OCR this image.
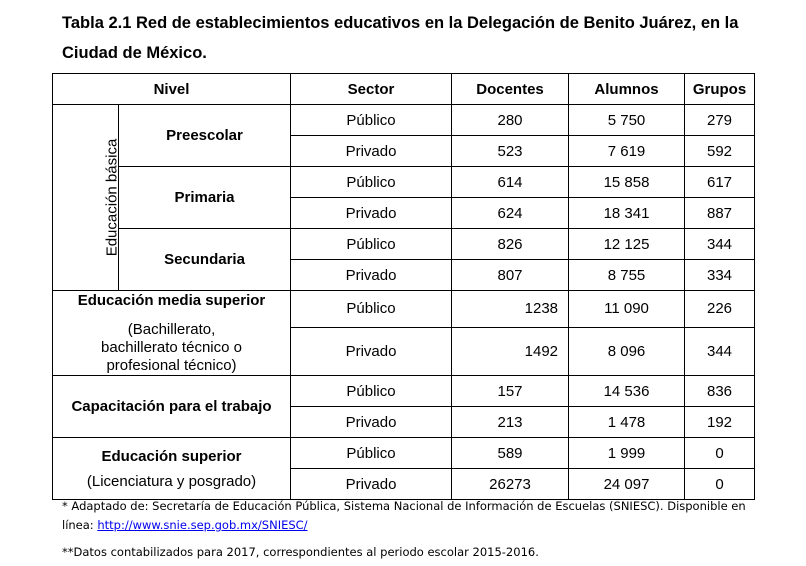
Tabla 2.1 Red de establecimientos educativos en la Delegación de Benito Juárez, en la Ciudad de México.
Nivel		Sector	Docentes	Alumnos	Grupos
Educación básica	Preescolar	Público	280	5 750	279
		Privado	523	7 619	592
	Primaria	Público	614	15 858	617
		Privado	624	18 341	887
	Secundaria	Público	826	12 125	344
		Privado	807	8 755	334

Educación media superior
(Bachillerato, bachillerato técnico o profesional técnico)		Público	1238	11 090	226
		Privado	1492	8 096	344
Capacitación para el trabajo		Público	157	14 536	836
		Privado	213	1 478	192

Educación superior
(Licenciatura y posgrado)		Público	589	1 999	0
		Privado	26273	24 097	0
* Adaptado de: Secretaría de Educación Pública, Sistema Nacional de Información de Escuelas (SNIESC). Disponible en línea: http://www.snie.sep.gob.mx/SNIESC/
**Datos contabilizados para 2017, correspondientes al periodo escolar 2015-2016.
